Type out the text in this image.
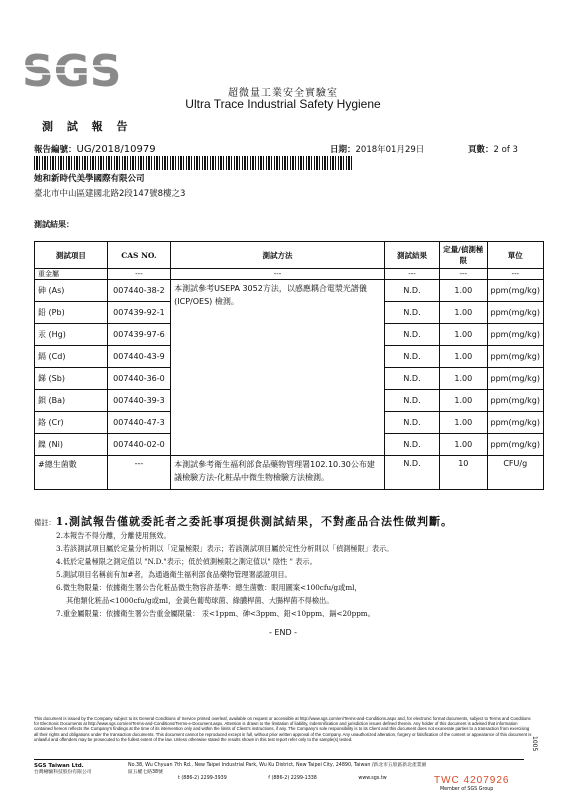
SGS	超微量工業安全實驗室
Ultra Trace Industrial Safety Hygiene
測 試 報 告
報告編號：UG/2018/10979	日期：2018年01月29日	頁數：2 of 3
她和新時代美學國際有限公司
臺北市中山區建國北路2段147號8樓之3
測試結果：
測試項目	CAS NO.	測試方法	測試結果	定量/偵測極限	單位
重金屬	---	---	---	---	---
砷 (As)	007440-38-2	本測試參考USEPA 3052方法，以感應耦合電漿光譜儀(ICP/OES) 檢測。	N.D.	1.00	ppm(mg/kg)
鉛 (Pb)	007439-92-1		N.D.	1.00	ppm(mg/kg)
汞 (Hg)	007439-97-6		N.D.	1.00	ppm(mg/kg)
鎘 (Cd)	007440-43-9		N.D.	1.00	ppm(mg/kg)
銻 (Sb)	007440-36-0		N.D.	1.00	ppm(mg/kg)
鋇 (Ba)	007440-39-3		N.D.	1.00	ppm(mg/kg)
鉻 (Cr)	007440-47-3		N.D.	1.00	ppm(mg/kg)
鎳 (Ni)	007440-02-0		N.D.	1.00	ppm(mg/kg)
#總生菌數	---	本測試參考衛生福利部食品藥物管理署102.10.30公布建議檢驗方法-化粧品中微生物檢驗方法檢測。	N.D.	10	CFU/g
備註：1.測試報告僅就委託者之委託事項提供測試結果，不對產品合法性做判斷。
2.本報告不得分離，分離使用無效。
3.若該測試項目屬於定量分析則以「定量極限」表示；若該測試項目屬於定性分析則以「偵測極限」表示。
4.低於定量極限之測定值以 "N.D."表示；低於偵測極限之測定值以" 陰性 " 表示。
5.測試項目名稱前有加#者，為通過衛生福利部食品藥物管理署認證項目。
6.微生物限量：依據衛生署公告化粧品微生物容許基準：總生菌數：眼用圖案<100cfu/g或ml，
其他類化粧品<1000cfu/g或ml，金黃色葡萄球菌、綠膿桿菌、大腸桿菌不得檢出。
7.重金屬限量：依據衛生署公告重金屬限量： 汞<1ppm、砷<3ppm、鉛<10ppm、鎘<20ppm。
- END -
This document is issued by the Company subject to its General Conditions of Service printed overleaf, available on request or accessible at http://www.sgs.com/en/Terms-and-Conditions.aspx and, for electronic format documents, subject to Terms and Conditions for Electronic Documents at http://www.sgs.com/en/Terms-and-Conditions/Terms-e-Document.aspx. Attention is drawn to the limitation of liability, indemnification and jurisdiction issues defined therein. Any holder of this document is advised that information contained hereon reflects the Company's findings at the time of its intervention only and within the limits of Client's instructions, if any. The Company's sole responsibility is to its Client and this document does not exonerate parties to a transaction from exercising all their rights and obligations under the transaction documents. This document cannot be reproduced except in full, without prior written approval of the Company. Any unauthorized alteration, forgery or falsification of the content or appearance of this document is unlawful and offenders may be prosecuted to the fullest extent of the law. Unless otherwise stated the results shown in this test report refer only to the sample(s) tested.
SGS Taiwan Ltd.
台灣檢驗科技股份有限公司
No.38, Wu Chyuan 7th Rd., New Taipei Industrial Park, Wu Ku District, New Taipei City, 24890, Taiwan /新北市五股區新北產業園區五權七路38號
t (886-2) 2299-3939	f (886-2) 2299-1338	www.sgs.tw	TWC 4207926
Member of SGS Group
1005
